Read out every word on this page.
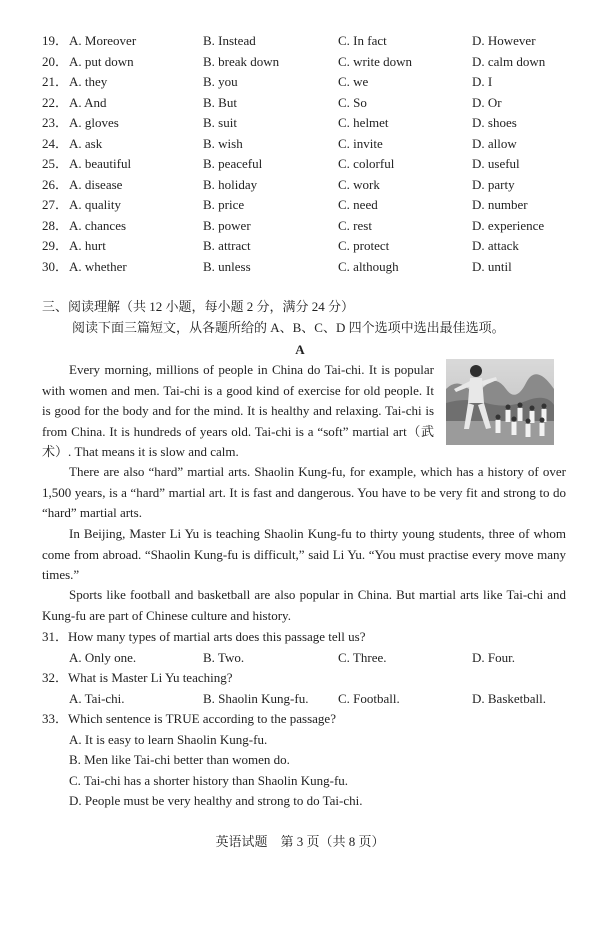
19． A. Moreover	B. Instead	C. In fact	D. However
20． A. put down	B. break down	C. write down	D. calm down
21． A. they	B. you	C. we	D. I
22． A. And	B. But	C. So	D. Or
23． A. gloves	B. suit	C. helmet	D. shoes
24． A. ask	B. wish	C. invite	D. allow
25． A. beautiful	B. peaceful	C. colorful	D. useful
26． A. disease	B. holiday	C. work	D. party
27． A. quality	B. price	C. need	D. number
28． A. chances	B. power	C. rest	D. experience
29． A. hurt	B. attract	C. protect	D. attack
30． A. whether	B. unless	C. although	D. until
三、阅读理解（共 12 小题，每小题 2 分，满分 24 分）
阅读下面三篇短文，从各题所给的 A、B、C、D 四个选项中选出最佳选项。
A

Every morning, millions of people in China do Tai-chi. It is popular with women and men. Tai-chi is a good kind of exercise for old people. It is good for the body and for the mind. It is healthy and relaxing. Tai-chi is from China. It is hundreds of years old. Tai-chi is a “soft” martial art（武术）. That means it is slow and calm.

There are also “hard” martial arts. Shaolin Kung-fu, for example, which has a history of over 1,500 years, is a “hard” martial art. It is fast and dangerous. You have to be very fit and strong to do “hard” martial arts.

In Beijing, Master Li Yu is teaching Shaolin Kung-fu to thirty young students, three of whom come from abroad. “Shaolin Kung-fu is difficult,” said Li Yu. “You must practise every move many times.”

Sports like football and basketball are also popular in China. But martial arts like Tai-chi and Kung-fu are part of Chinese culture and history.

31．How many types of martial arts does this passage tell us?
A. Only one.	B. Two.	C. Three.	D. Four.
32．What is Master Li Yu teaching?
A. Tai-chi.	B. Shaolin Kung-fu. C. Football.	D. Basketball.
33．Which sentence is TRUE according to the passage?
A. It is easy to learn Shaolin Kung-fu.
B. Men like Tai-chi better than women do.
C. Tai-chi has a shorter history than Shaolin Kung-fu.
D. People must be very healthy and strong to do Tai-chi.
英语试题　第 3 页（共 8 页）
